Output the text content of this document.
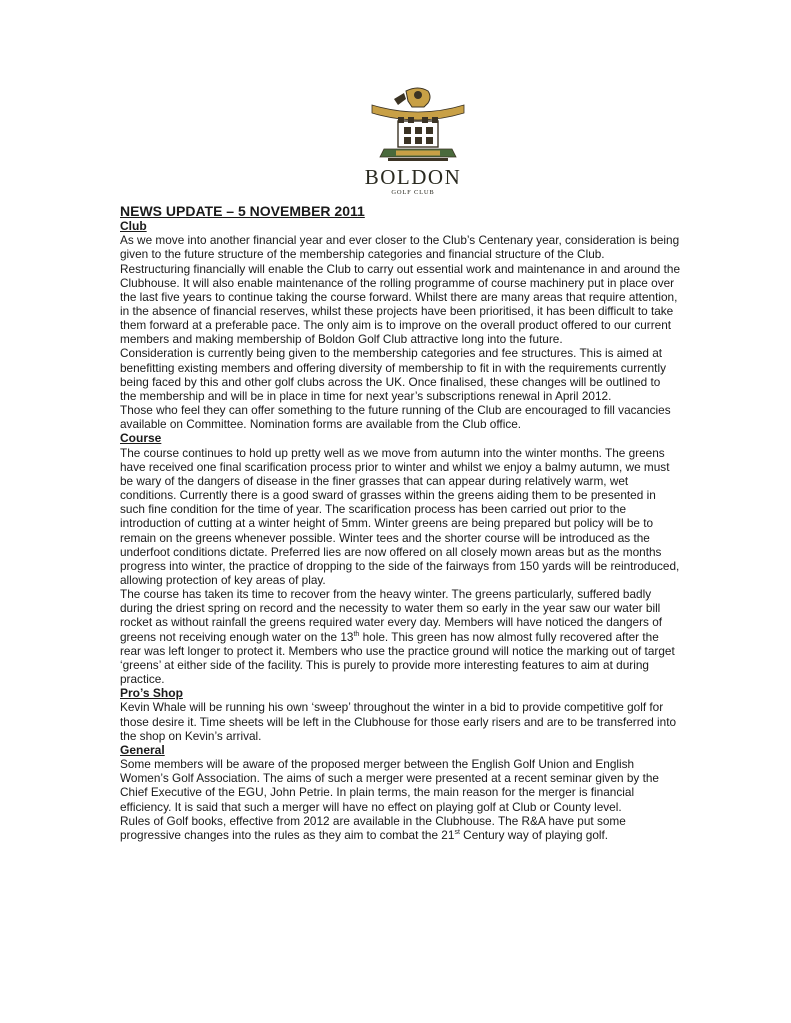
BOLDON
GOLF CLUB

NEWS UPDATE – 5 NOVEMBER 2011

Club

As we move into another financial year and ever closer to the Club’s Centenary year, consideration is being given to the future structure of the membership categories and financial structure of the Club.

Restructuring financially will enable the Club to carry out essential work and maintenance in and around the Clubhouse. It will also enable maintenance of the rolling programme of course machinery put in place over the last five years to continue taking the course forward. Whilst there are many areas that require attention, in the absence of financial reserves, whilst these projects have been prioritised, it has been difficult to take them forward at a preferable pace. The only aim is to improve on the overall product offered to our current members and making membership of Boldon Golf Club attractive long into the future.

Consideration is currently being given to the membership categories and fee structures. This is aimed at benefitting existing members and offering diversity of membership to fit in with the requirements currently being faced by this and other golf clubs across the UK. Once finalised, these changes will be outlined to the membership and will be in place in time for next year’s subscriptions renewal in April 2012.

Those who feel they can offer something to the future running of the Club are encouraged to fill vacancies available on Committee. Nomination forms are available from the Club office.

Course

The course continues to hold up pretty well as we move from autumn into the winter months. The greens have received one final scarification process prior to winter and whilst we enjoy a balmy autumn, we must be wary of the dangers of disease in the finer grasses that can appear during relatively warm, wet conditions. Currently there is a good sward of grasses within the greens aiding them to be presented in such fine condition for the time of year. The scarification process has been carried out prior to the introduction of cutting at a winter height of 5mm. Winter greens are being prepared but policy will be to remain on the greens whenever possible. Winter tees and the shorter course will be introduced as the underfoot conditions dictate. Preferred lies are now offered on all closely mown areas but as the months progress into winter, the practice of dropping to the side of the fairways from 150 yards will be reintroduced, allowing protection of key areas of play.

The course has taken its time to recover from the heavy winter. The greens particularly, suffered badly during the driest spring on record and the necessity to water them so early in the year saw our water bill rocket as without rainfall the greens required water every day. Members will have noticed the dangers of greens not receiving enough water on the 13th hole. This green has now almost fully recovered after the rear was left longer to protect it. Members who use the practice ground will notice the marking out of target ‘greens’ at either side of the facility. This is purely to provide more interesting features to aim at during practice.

Pro’s Shop

Kevin Whale will be running his own ‘sweep’ throughout the winter in a bid to provide competitive golf for those desire it. Time sheets will be left in the Clubhouse for those early risers and are to be transferred into the shop on Kevin’s arrival.

General

Some members will be aware of the proposed merger between the English Golf Union and English Women’s Golf Association. The aims of such a merger were presented at a recent seminar given by the Chief Executive of the EGU, John Petrie. In plain terms, the main reason for the merger is financial efficiency. It is said that such a merger will have no effect on playing golf at Club or County level.

Rules of Golf books, effective from 2012 are available in the Clubhouse. The R&A have put some progressive changes into the rules as they aim to combat the 21st Century way of playing golf.
